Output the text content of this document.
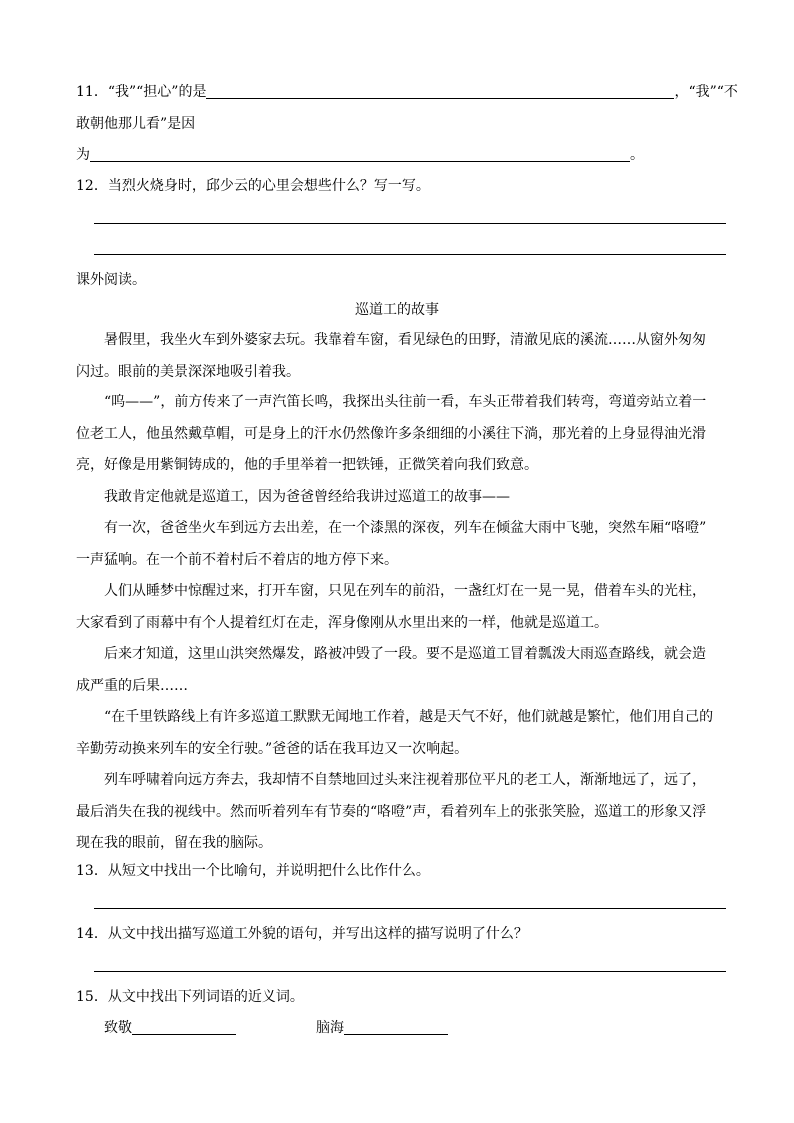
11．“我”“担心”的是	，“我”“不
敢朝他那儿看”是因
为	。
12．当烈火烧身时，邱少云的心里会想些什么？写一写。
课外阅读。
巡道工的故事
暑假里，我坐火车到外婆家去玩。我靠着车窗，看见绿色的田野，清澈见底的溪流……从窗外匆匆
闪过。眼前的美景深深地吸引着我。
“呜——”，前方传来了一声汽笛长鸣，我探出头往前一看，车头正带着我们转弯，弯道旁站立着一
位老工人，他虽然戴草帽，可是身上的汗水仍然像许多条细细的小溪往下淌，那光着的上身显得油光滑
亮，好像是用紫铜铸成的，他的手里举着一把铁锤，正微笑着向我们致意。
我敢肯定他就是巡道工，因为爸爸曾经给我讲过巡道工的故事——
有一次，爸爸坐火车到远方去出差，在一个漆黑的深夜，列车在倾盆大雨中飞驰，突然车厢“咯噔”
一声猛响。在一个前不着村后不着店的地方停下来。
人们从睡梦中惊醒过来，打开车窗，只见在列车的前沿，一盏红灯在一晃一晃，借着车头的光柱，
大家看到了雨幕中有个人提着红灯在走，浑身像刚从水里出来的一样，他就是巡道工。
后来才知道，这里山洪突然爆发，路被冲毁了一段。要不是巡道工冒着瓢泼大雨巡查路线，就会造
成严重的后果……
“在千里铁路线上有许多巡道工默默无闻地工作着，越是天气不好，他们就越是繁忙，他们用自己的
辛勤劳动换来列车的安全行驶。”爸爸的话在我耳边又一次响起。
列车呼啸着向远方奔去，我却情不自禁地回过头来注视着那位平凡的老工人，渐渐地远了，远了，
最后消失在我的视线中。然而听着列车有节奏的“咯噔”声，看着列车上的张张笑脸，巡道工的形象又浮
现在我的眼前，留在我的脑际。
13．从短文中找出一个比喻句，并说明把什么比作什么。
14．从文中找出描写巡道工外貌的语句，并写出这样的描写说明了什么？
15．从文中找出下列词语的近义词。
致敬	脑海
